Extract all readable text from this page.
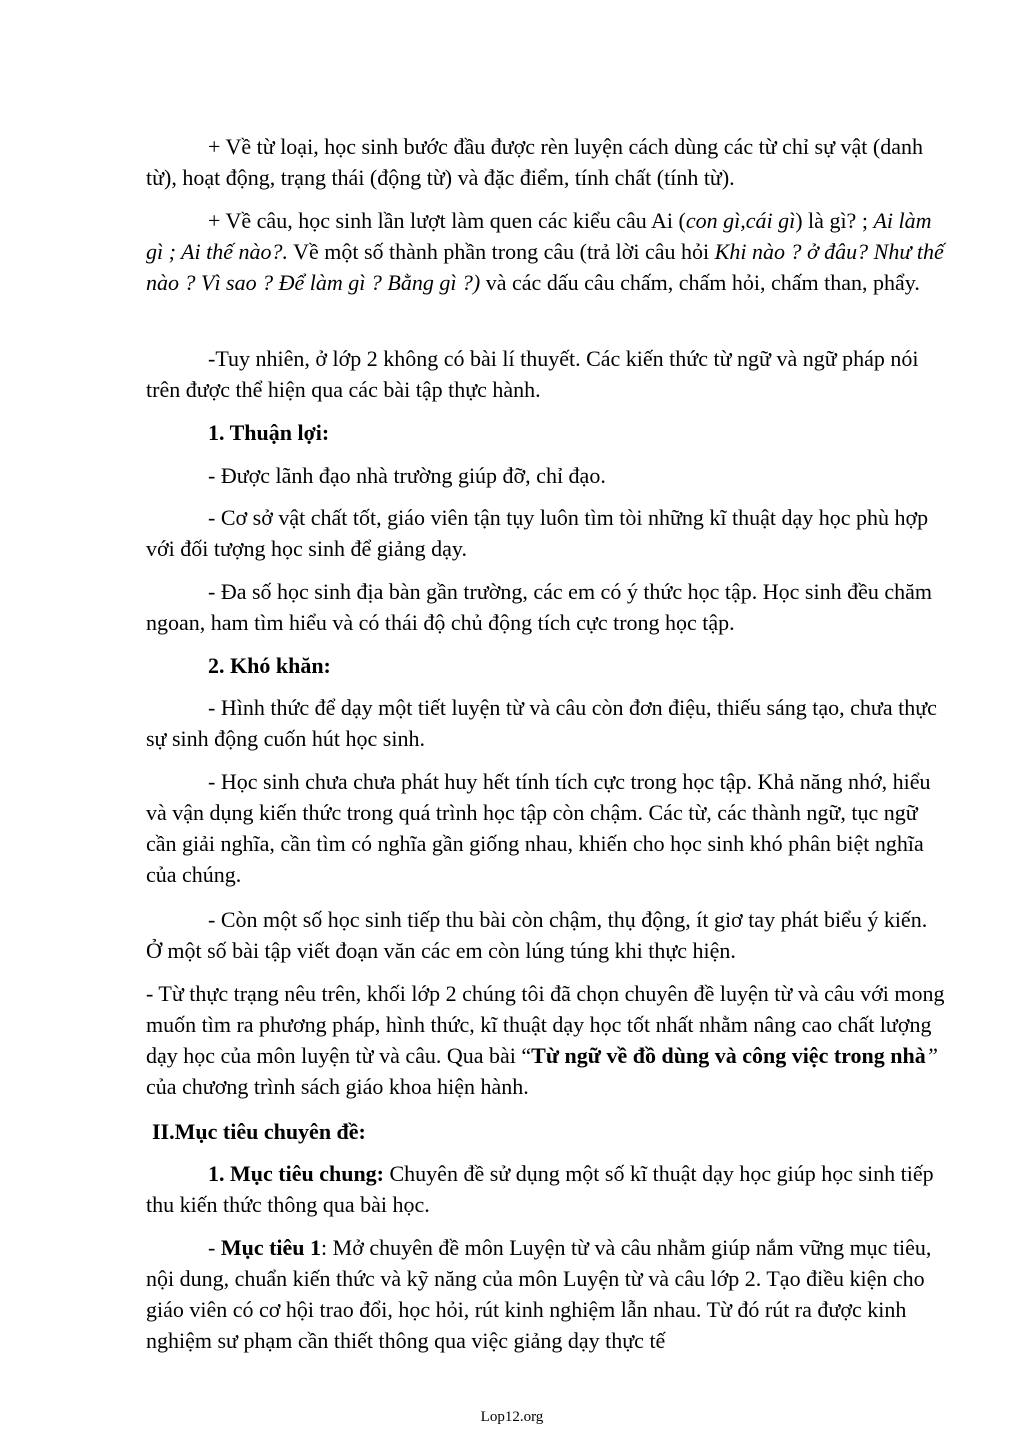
+ Về từ loại, học sinh bước đầu được rèn luyện cách dùng các từ chỉ sự vật (danh từ), hoạt động, trạng thái (động từ) và đặc điểm, tính chất (tính từ).

+ Về câu, học sinh lần lượt làm quen các kiểu câu Ai (con gì,cái gì) là gì? ; Ai làm gì ; Ai thế nào?. Về một số thành phần trong câu (trả lời câu hỏi Khi nào ? ở đâu? Như thế nào ? Vì sao ? Để làm gì ? Bằng gì ?) và các dấu câu chấm, chấm hỏi, chấm than, phẩy.

-Tuy nhiên, ở lớp 2 không có bài lí thuyết. Các kiến thức từ ngữ và ngữ pháp nói trên được thể hiện qua các bài tập thực hành.

1. Thuận lợi:

- Được lãnh đạo nhà trường giúp đỡ, chỉ đạo.

- Cơ sở vật chất tốt, giáo viên tận tụy luôn tìm tòi những kĩ thuật dạy học phù hợp với đối tượng học sinh để giảng dạy.

- Đa số học sinh địa bàn gần trường, các em có ý thức học tập. Học sinh đều chăm ngoan, ham tìm hiểu và có thái độ chủ động tích cực trong học tập.

2. Khó khăn:

- Hình thức để dạy một tiết luyện từ và câu còn đơn điệu, thiếu sáng tạo, chưa thực sự sinh động cuốn hút học sinh.

- Học sinh chưa chưa phát huy hết tính tích cực trong học tập. Khả năng nhớ, hiểu và vận dụng kiến thức trong quá trình học tập còn chậm. Các từ, các thành ngữ, tục ngữ cần giải nghĩa, cần tìm có nghĩa gần giống nhau, khiến cho học sinh khó phân biệt nghĩa của chúng.

- Còn một số học sinh tiếp thu bài còn chậm, thụ động, ít giơ tay phát biểu ý kiến. Ở một số bài tập viết đoạn văn các em còn lúng túng khi thực hiện.

- Từ thực trạng nêu trên, khối lớp 2 chúng tôi đã chọn chuyên đề luyện từ và câu với mong muốn tìm ra phương pháp, hình thức, kĩ thuật dạy học tốt nhất nhằm nâng cao chất lượng dạy học của môn luyện từ và câu. Qua bài “Từ ngữ về đồ dùng và công việc trong nhà” của chương trình sách giáo khoa hiện hành.

II.Mục tiêu chuyên đề:

1. Mục tiêu chung: Chuyên đề sử dụng một số kĩ thuật dạy học giúp học sinh tiếp thu kiến thức thông qua bài học.

- Mục tiêu 1: Mở chuyên đề môn Luyện từ và câu nhằm giúp nắm vững mục tiêu, nội dung, chuẩn kiến thức và kỹ năng của môn Luyện từ và câu lớp 2. Tạo điều kiện cho giáo viên có cơ hội trao đổi, học hỏi, rút kinh nghiệm lẫn nhau. Từ đó rút ra được kinh nghiệm sư phạm cần thiết thông qua việc giảng dạy thực tế

Lop12.org
